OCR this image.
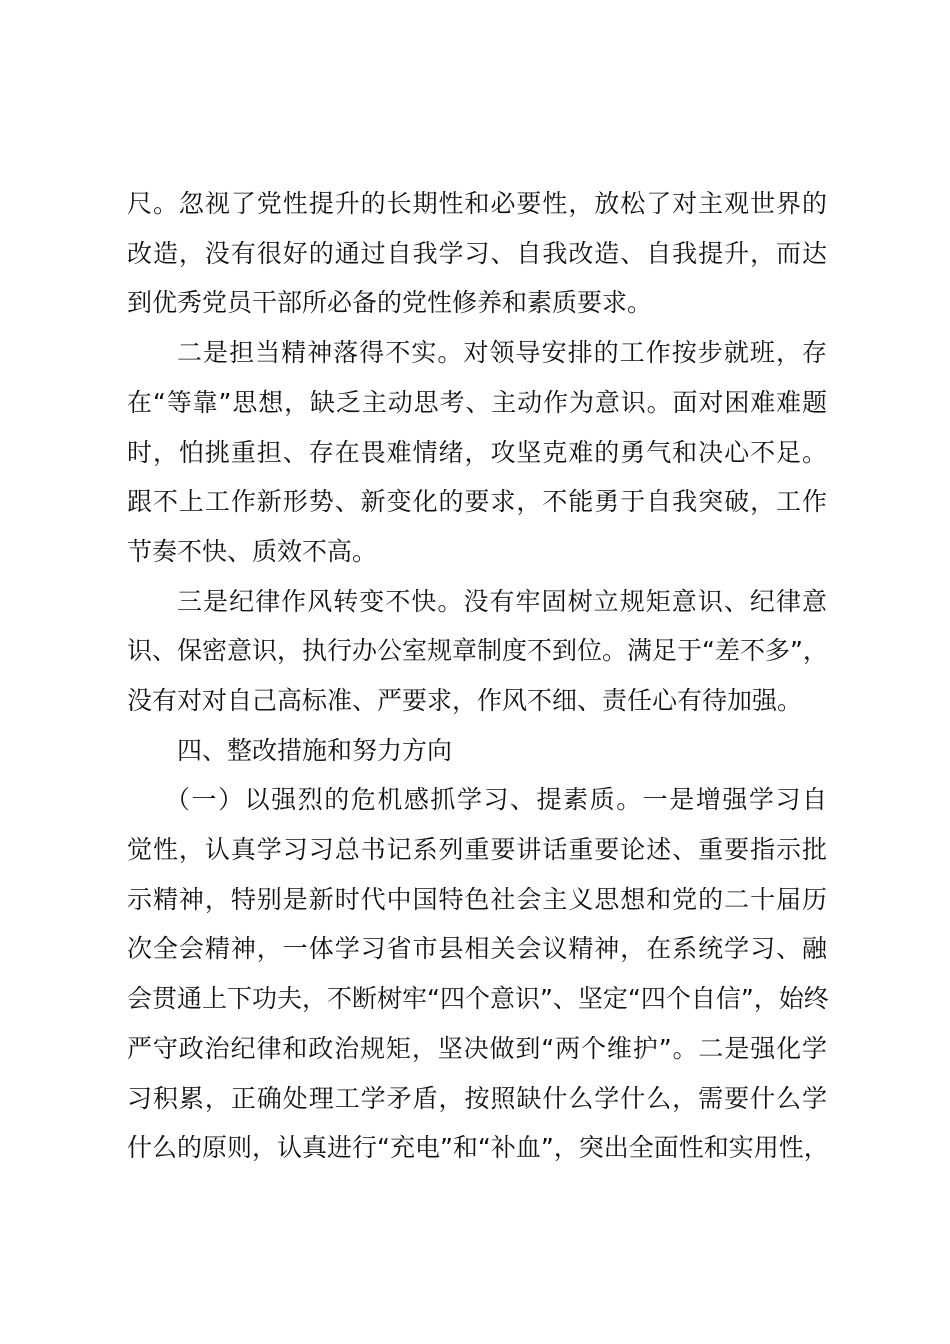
尺。忽视了党性提升的长期性和必要性，放松了对主观世界的
改造，没有很好的通过自我学习、自我改造、自我提升，而达
到优秀党员干部所必备的党性修养和素质要求。
二是担当精神落得不实。对领导安排的工作按步就班，存
在“等靠”思想，缺乏主动思考、主动作为意识。面对困难难题
时，怕挑重担、存在畏难情绪，攻坚克难的勇气和决心不足。
跟不上工作新形势、新变化的要求，不能勇于自我突破，工作
节奏不快、质效不高。
三是纪律作风转变不快。没有牢固树立规矩意识、纪律意
识、保密意识，执行办公室规章制度不到位。满足于“差不多”，
没有对对自己高标准、严要求，作风不细、责任心有待加强。
四、整改措施和努力方向
（一）以强烈的危机感抓学习、提素质。一是增强学习自
觉性，认真学习习总书记系列重要讲话重要论述、重要指示批
示精神，特别是新时代中国特色社会主义思想和党的二十届历
次全会精神，一体学习省市县相关会议精神，在系统学习、融
会贯通上下功夫，不断树牢“四个意识”、坚定“四个自信”，始终
严守政治纪律和政治规矩，坚决做到“两个维护”。二是强化学
习积累，正确处理工学矛盾，按照缺什么学什么，需要什么学
什么的原则，认真进行“充电”和“补血”，突出全面性和实用性，
